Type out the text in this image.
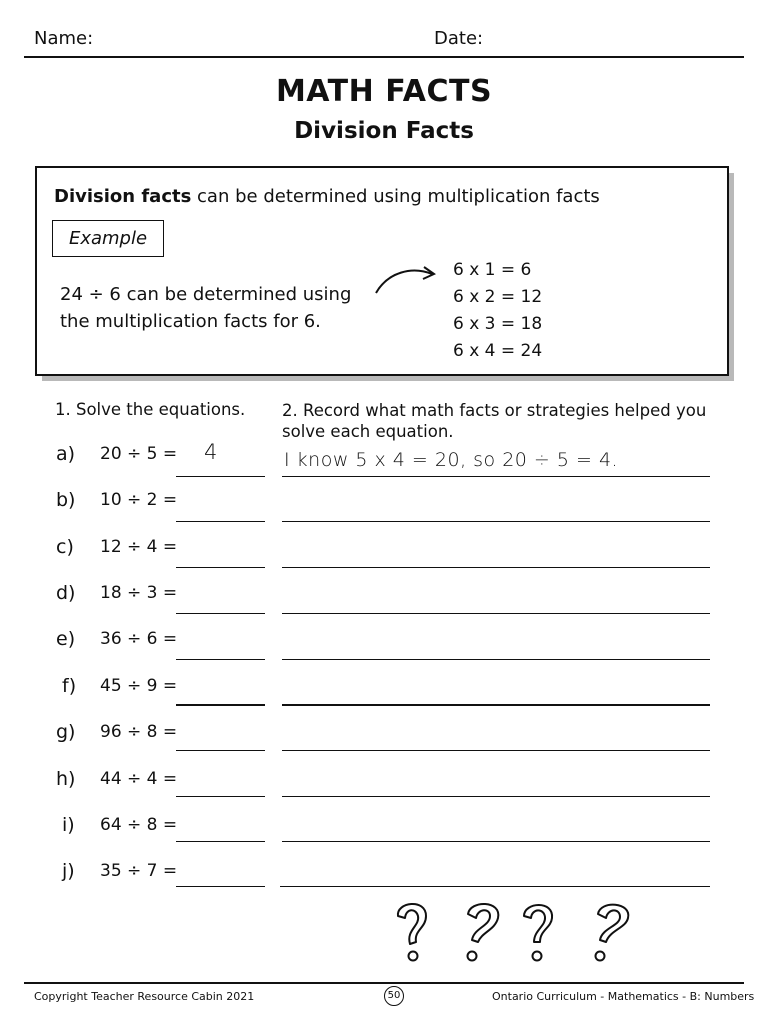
Name:	Date:
MATH FACTS
Division Facts
Division facts can be determined using multiplication facts
Example
24 ÷ 6 can be determined using the multiplication facts for 6.
6 x 1 = 6
6 x 2 = 12
6 x 3 = 18
6 x 4 = 24
1. Solve the equations. 2. Record what math facts or strategies helped you solve each equation.
a) 20 ÷ 5 = 4	I know 5 x 4 = 20, so 20 ÷ 5 = 4.
b) 10 ÷ 2 =
c) 12 ÷ 4 =
d) 18 ÷ 3 =
e) 36 ÷ 6 =
f) 45 ÷ 9 =
g) 96 ÷ 8 =
h) 44 ÷ 4 =
i) 64 ÷ 8 =
j) 35 ÷ 7 =
Copyright Teacher Resource Cabin 2021	50	Ontario Curriculum - Mathematics - B: Numbers
